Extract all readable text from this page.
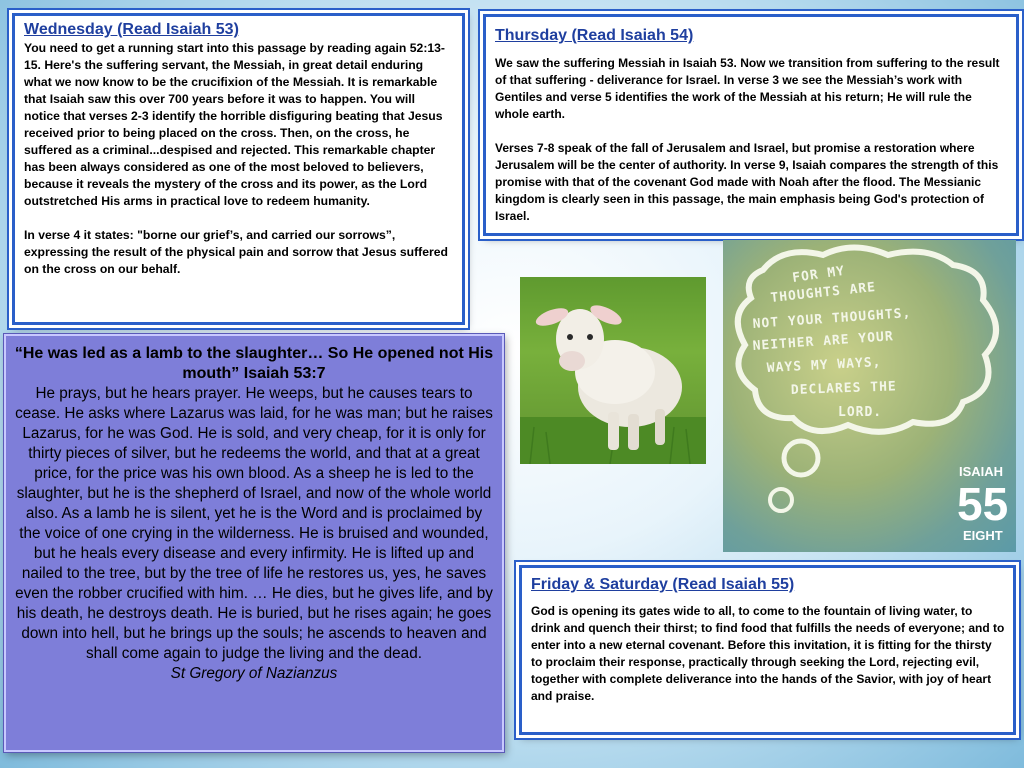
Wednesday (Read Isaiah 53)

You need to get a running start into this passage by reading again 52:13-15. Here's the suffering servant, the Messiah, in great detail enduring what we now know to be the crucifixion of the Messiah. It is remarkable that Isaiah saw this over 700 years before it was to happen. You will notice that verses 2-3 identify the horrible disfiguring beating that Jesus received prior to being placed on the cross. Then, on the cross, he suffered as a criminal...despised and rejected. This remarkable chapter has been always considered as one of the most beloved to believers, because it reveals the mystery of the cross and its power, as the Lord outstretched His arms in practical love to redeem humanity.

In verse 4 it states: "borne our grief’s, and carried our sorrows”, expressing the result of the physical pain and sorrow that Jesus suffered on the cross on our behalf.

Thursday (Read Isaiah 54)

We saw the suffering Messiah in Isaiah 53. Now we transition from suffering to the result of that suffering - deliverance for Israel. In verse 3 we see the Messiah’s work with Gentiles and verse 5 identifies the work of the Messiah at his return; He will rule the whole earth.

Verses 7-8 speak of the fall of Jerusalem and Israel, but promise a restoration where Jerusalem will be the center of authority. In verse 9, Isaiah compares the strength of this promise with that of the covenant God made with Noah after the flood. The Messianic kingdom is clearly seen in this passage, the main emphasis being God's protection of Israel.

“He was led as a lamb to the slaughter… So He opened not His mouth” Isaiah 53:7
He prays, but he hears prayer. He weeps, but he causes tears to cease. He asks where Lazarus was laid, for he was man; but he raises Lazarus, for he was God. He is sold, and very cheap, for it is only for thirty pieces of silver, but he redeems the world, and that at a great price, for the price was his own blood. As a sheep he is led to the slaughter, but he is the shepherd of Israel, and now of the whole world also. As a lamb he is silent, yet he is the Word and is proclaimed by the voice of one crying in the wilderness. He is bruised and wounded, but he heals every disease and every infirmity. He is lifted up and nailed to the tree, but by the tree of life he restores us, yes, he saves even the robber crucified with him. … He dies, but he gives life, and by his death, he destroys death. He is buried, but he rises again; he goes down into hell, but he brings up the souls; he ascends to heaven and shall come again to judge the living and the dead.
St Gregory of Nazianzus
FOR MY
THOUGHTS ARE
NOT YOUR THOUGHTS,
NEITHER ARE YOUR
WAYS MY WAYS,
DECLARES THE
LORD.
ISAIAH
55
EIGHT
Friday & Saturday (Read Isaiah 55)

God is opening its gates wide to all, to come to the fountain of living water, to drink and quench their thirst; to find food that fulfills the needs of everyone; and to enter into a new eternal covenant. Before this invitation, it is fitting for the thirsty to proclaim their response, practically through seeking the Lord, rejecting evil, together with complete deliverance into the hands of the Savior, with joy of heart and praise.
